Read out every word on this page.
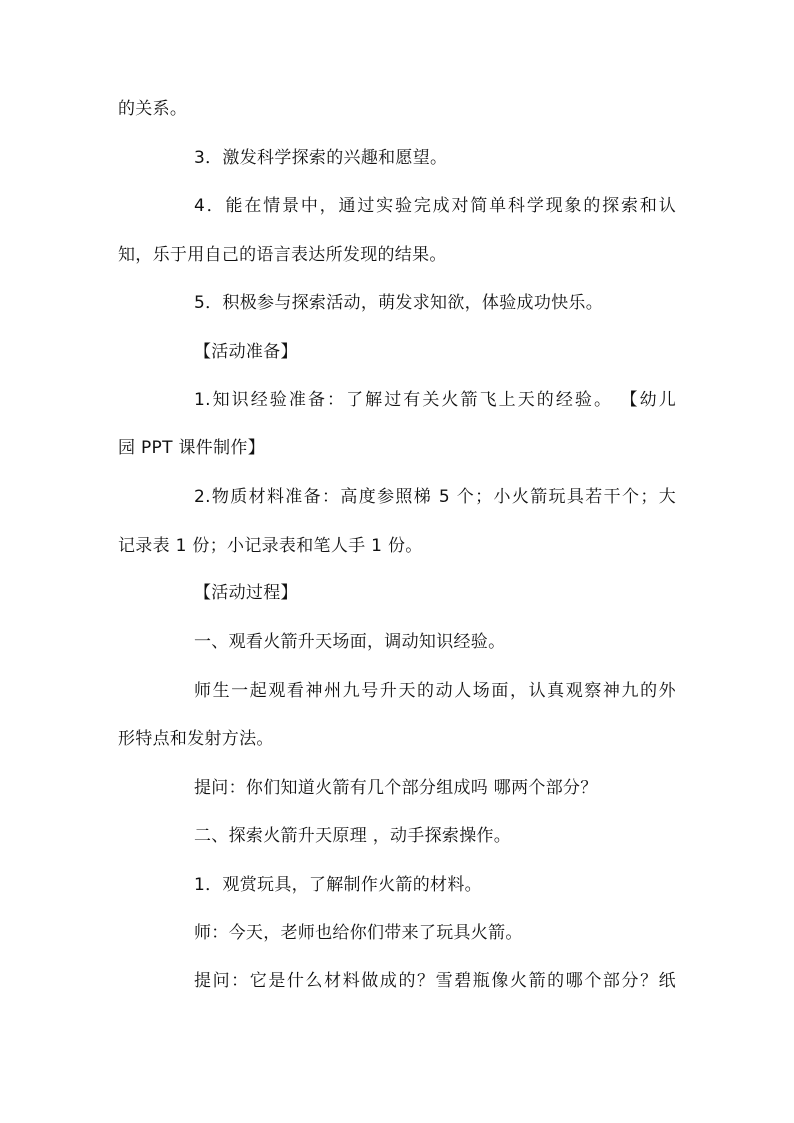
的关系。
3．激发科学探索的兴趣和愿望。
4．能在情景中，通过实验完成对简单科学现象的探索和认
知，乐于用自己的语言表达所发现的结果。
5．积极参与探索活动，萌发求知欲，体验成功快乐。
【活动准备】
1.知识经验准备：了解过有关火箭飞上天的经验。 【幼儿
园 PPT 课件制作】
2.物质材料准备：高度参照梯 5 个；小火箭玩具若干个；大
记录表 1 份；小记录表和笔人手 1 份。
【活动过程】
一、观看火箭升天场面，调动知识经验。
师生一起观看神州九号升天的动人场面，认真观察神九的外
形特点和发射方法。
提问：你们知道火箭有几个部分组成吗 哪两个部分？
二、探索火箭升天原理 ，动手探索操作。
1．观赏玩具，了解制作火箭的材料。
师：今天，老师也给你们带来了玩具火箭。
提问：它是什么材料做成的？雪碧瓶像火箭的哪个部分？纸
